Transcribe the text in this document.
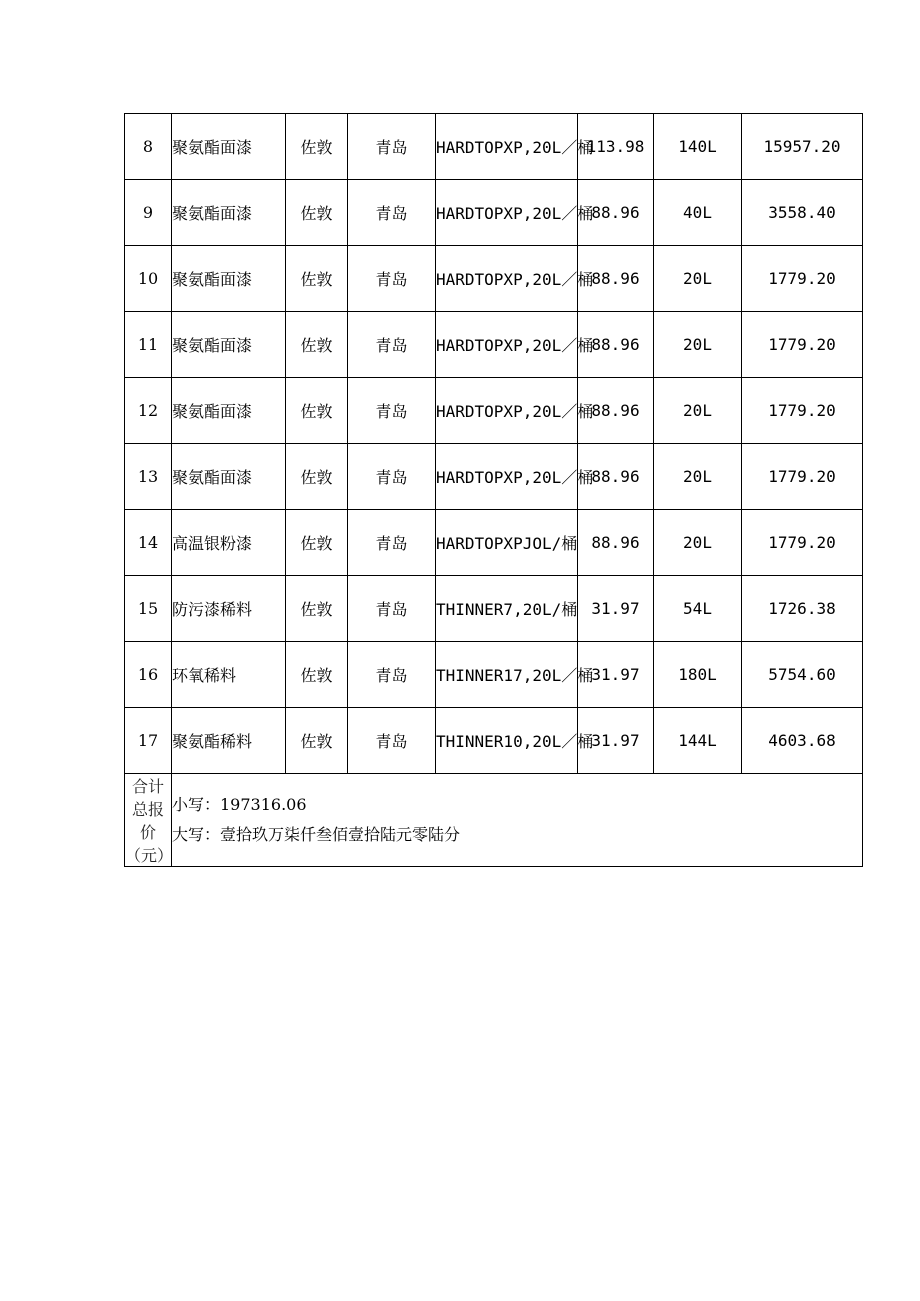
8	聚氨酯面漆	佐敦	青岛	HARDTOPXP,20L／桶	113.98	140L	15957.20
9	聚氨酯面漆	佐敦	青岛	HARDTOPXP,20L／桶	88.96	40L	3558.40
10	聚氨酯面漆	佐敦	青岛	HARDTOPXP,20L／桶	88.96	20L	1779.20
11	聚氨酯面漆	佐敦	青岛	HARDTOPXP,20L／桶	88.96	20L	1779.20
12	聚氨酯面漆	佐敦	青岛	HARDTOPXP,20L／桶	88.96	20L	1779.20
13	聚氨酯面漆	佐敦	青岛	HARDTOPXP,20L／桶	88.96	20L	1779.20
14	高温银粉漆	佐敦	青岛	HARDTOPXPJOL/桶	88.96	20L	1779.20
15	防污漆稀料	佐敦	青岛	THINNER7,20L/桶	31.97	54L	1726.38
16	环氧稀料	佐敦	青岛	THINNER17,20L／桶	31.97	180L	5754.60
17	聚氨酯稀料	佐敦	青岛	THINNER10,20L／桶	31.97	144L	4603.68
合计总报价（元）	小写：197316.06
大写：壹拾玖万柒仟叁佰壹拾陆元零陆分						
